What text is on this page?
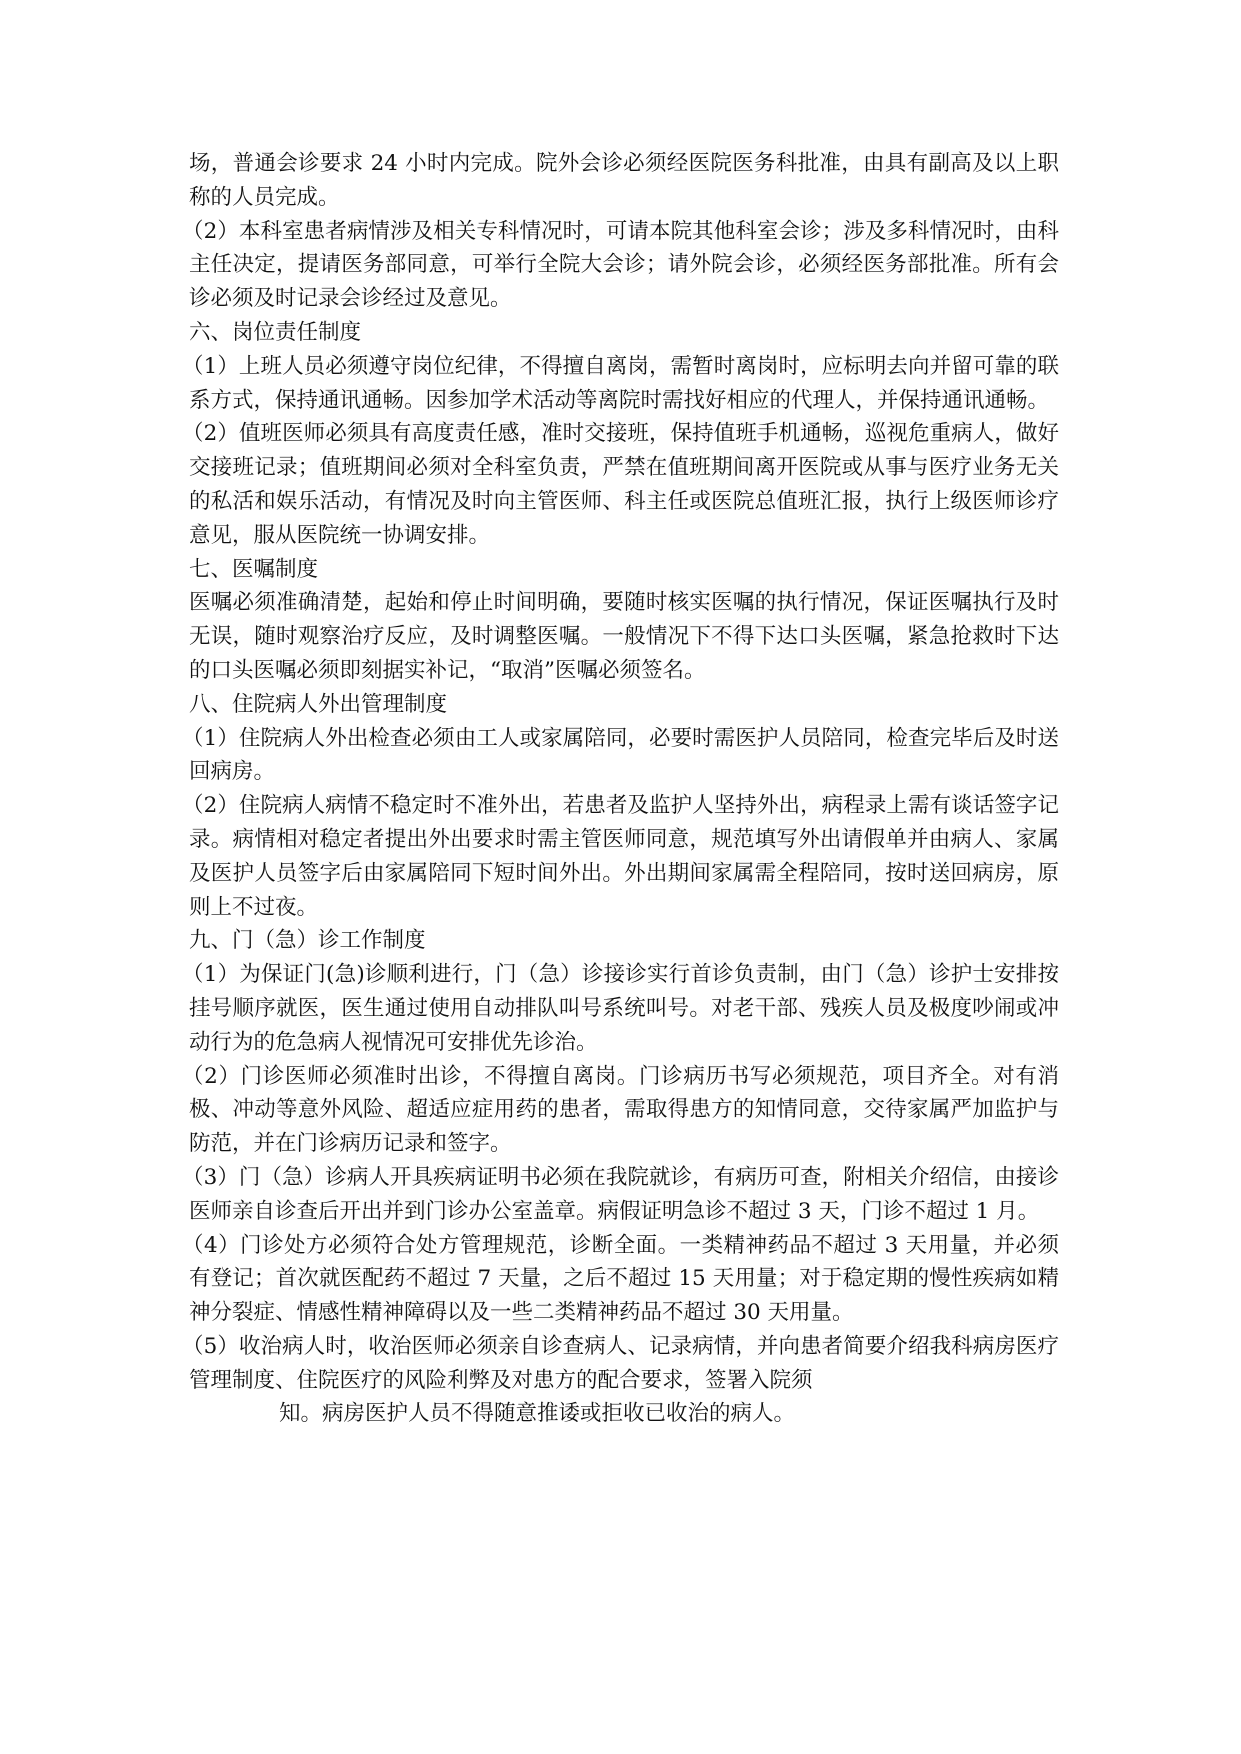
场，普通会诊要求 24 小时内完成。院外会诊必须经医院医务科批准，由具有副高及以上职称的人员完成。

（2）本科室患者病情涉及相关专科情况时，可请本院其他科室会诊；涉及多科情况时，由科主任决定，提请医务部同意，可举行全院大会诊；请外院会诊，必须经医务部批准。所有会诊必须及时记录会诊经过及意见。

六、岗位责任制度

（1）上班人员必须遵守岗位纪律，不得擅自离岗，需暂时离岗时，应标明去向并留可靠的联系方式，保持通讯通畅。因参加学术活动等离院时需找好相应的代理人，并保持通讯通畅。

（2）值班医师必须具有高度责任感，准时交接班，保持值班手机通畅，巡视危重病人，做好交接班记录；值班期间必须对全科室负责，严禁在值班期间离开医院或从事与医疗业务无关的私活和娱乐活动，有情况及时向主管医师、科主任或医院总值班汇报，执行上级医师诊疗意见，服从医院统一协调安排。

七、医嘱制度

医嘱必须准确清楚，起始和停止时间明确，要随时核实医嘱的执行情况，保证医嘱执行及时无误，随时观察治疗反应，及时调整医嘱。一般情况下不得下达口头医嘱，紧急抢救时下达的口头医嘱必须即刻据实补记，“取消”医嘱必须签名。

八、住院病人外出管理制度

（1）住院病人外出检查必须由工人或家属陪同，必要时需医护人员陪同，检查完毕后及时送回病房。

（2）住院病人病情不稳定时不准外出，若患者及监护人坚持外出，病程录上需有谈话签字记录。病情相对稳定者提出外出要求时需主管医师同意，规范填写外出请假单并由病人、家属及医护人员签字后由家属陪同下短时间外出。外出期间家属需全程陪同，按时送回病房，原则上不过夜。

九、门（急）诊工作制度

（1）为保证门(急)诊顺利进行，门（急）诊接诊实行首诊负责制，由门（急）诊护士安排按挂号顺序就医，医生通过使用自动排队叫号系统叫号。对老干部、残疾人员及极度吵闹或冲动行为的危急病人视情况可安排优先诊治。

（2）门诊医师必须准时出诊，不得擅自离岗。门诊病历书写必须规范，项目齐全。对有消极、冲动等意外风险、超适应症用药的患者，需取得患方的知情同意，交待家属严加监护与防范，并在门诊病历记录和签字。

（3）门（急）诊病人开具疾病证明书必须在我院就诊，有病历可查，附相关介绍信，由接诊医师亲自诊查后开出并到门诊办公室盖章。病假证明急诊不超过 3 天，门诊不超过 1 月。

（4）门诊处方必须符合处方管理规范，诊断全面。一类精神药品不超过 3 天用量，并必须有登记；首次就医配药不超过 7 天量，之后不超过 15 天用量；对于稳定期的慢性疾病如精神分裂症、情感性精神障碍以及一些二类精神药品不超过 30 天用量。

（5）收治病人时，收治医师必须亲自诊查病人、记录病情，并向患者简要介绍我科病房医疗管理制度、住院医疗的风险利弊及对患方的配合要求，签署入院须

知。病房医护人员不得随意推诿或拒收已收治的病人。
